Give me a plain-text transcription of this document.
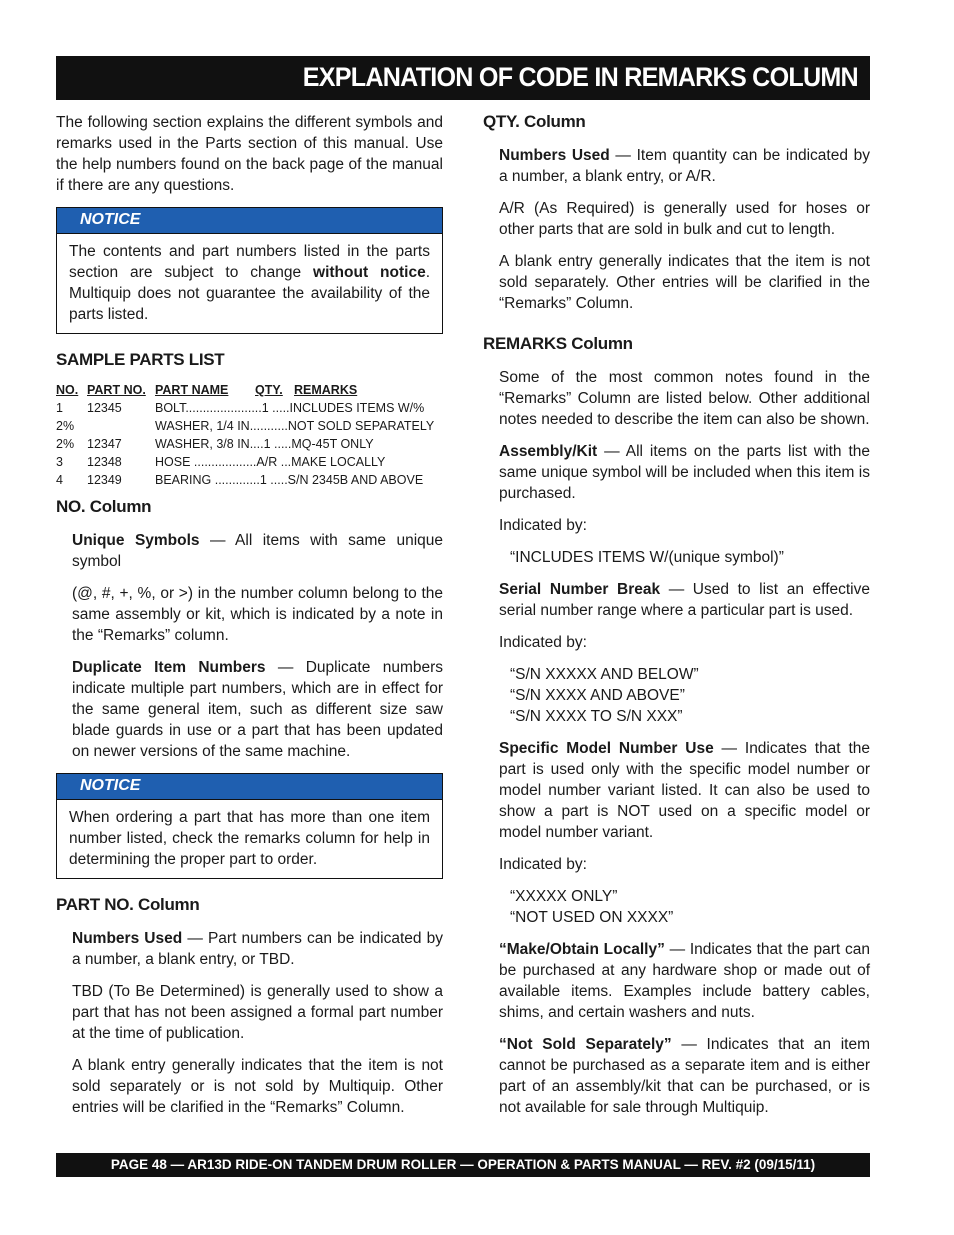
EXPLANATION OF CODE IN REMARKS COLUMN

The following section explains the different symbols and remarks used in the Parts section of this manual. Use the help numbers found on the back page of the manual if there are any questions.

NOTICE
The contents and part numbers listed in the parts section are subject to change without notice. Multiquip does not guarantee the availability of the parts listed.
SAMPLE PARTS LIST
NO.	PART NO.	PART NAME	QTY.	REMARKS
1	12345	BOLT......................1 .....INCLUDES ITEMS W/%		
2%		WASHER, 1/4 IN...........NOT SOLD SEPARATELY		
2%	12347	WASHER, 3/8 IN....1 .....MQ-45T ONLY		
3	12348	HOSE ..................A/R ...MAKE LOCALLY		
4	12349	BEARING .............1 .....S/N 2345B AND ABOVE		
NO. Column

Unique Symbols — All items with same unique symbol

(@, #, +, %, or >) in the number column belong to the same assembly or kit, which is indicated by a note in the “Remarks” column.

Duplicate Item Numbers — Duplicate numbers indicate multiple part numbers, which are in effect for the same general item, such as different size saw blade guards in use or a part that has been updated on newer versions of the same machine.

NOTICE
When ordering a part that has more than one item number listed, check the remarks column for help in determining the proper part to order.
PART NO. Column

Numbers Used — Part numbers can be indicated by a number, a blank entry, or TBD.

TBD (To Be Determined) is generally used to show a part that has not been assigned a formal part number at the time of publication.

A blank entry generally indicates that the item is not sold separately or is not sold by Multiquip. Other entries will be clarified in the “Remarks” Column.

QTY. Column

Numbers Used — Item quantity can be indicated by a number, a blank entry, or A/R.

A/R (As Required) is generally used for hoses or other parts that are sold in bulk and cut to length.

A blank entry generally indicates that the item is not sold separately. Other entries will be clarified in the “Remarks” Column.

REMARKS Column

Some of the most common notes found in the “Remarks” Column are listed below. Other additional notes needed to describe the item can also be shown.

Assembly/Kit — All items on the parts list with the same unique symbol will be included when this item is purchased.

Indicated by:

“INCLUDES ITEMS W/(unique symbol)”

Serial Number Break — Used to list an effective serial number range where a particular part is used.

Indicated by:

“S/N XXXXX AND BELOW”
“S/N XXXX AND ABOVE”
“S/N XXXX TO S/N XXX”

Specific Model Number Use — Indicates that the part is used only with the specific model number or model number variant listed. It can also be used to show a part is NOT used on a specific model or model number variant.

Indicated by:

“XXXXX ONLY”
“NOT USED ON XXXX”

“Make/Obtain Locally” — Indicates that the part can be purchased at any hardware shop or made out of available items. Examples include battery cables, shims, and certain washers and nuts.

“Not Sold Separately” — Indicates that an item cannot be purchased as a separate item and is either part of an assembly/kit that can be purchased, or is not available for sale through Multiquip.

PAGE 48 — AR13D RIDE-ON TANDEM DRUM ROLLER — OPERATION & PARTS MANUAL — REV. #2 (09/15/11)
